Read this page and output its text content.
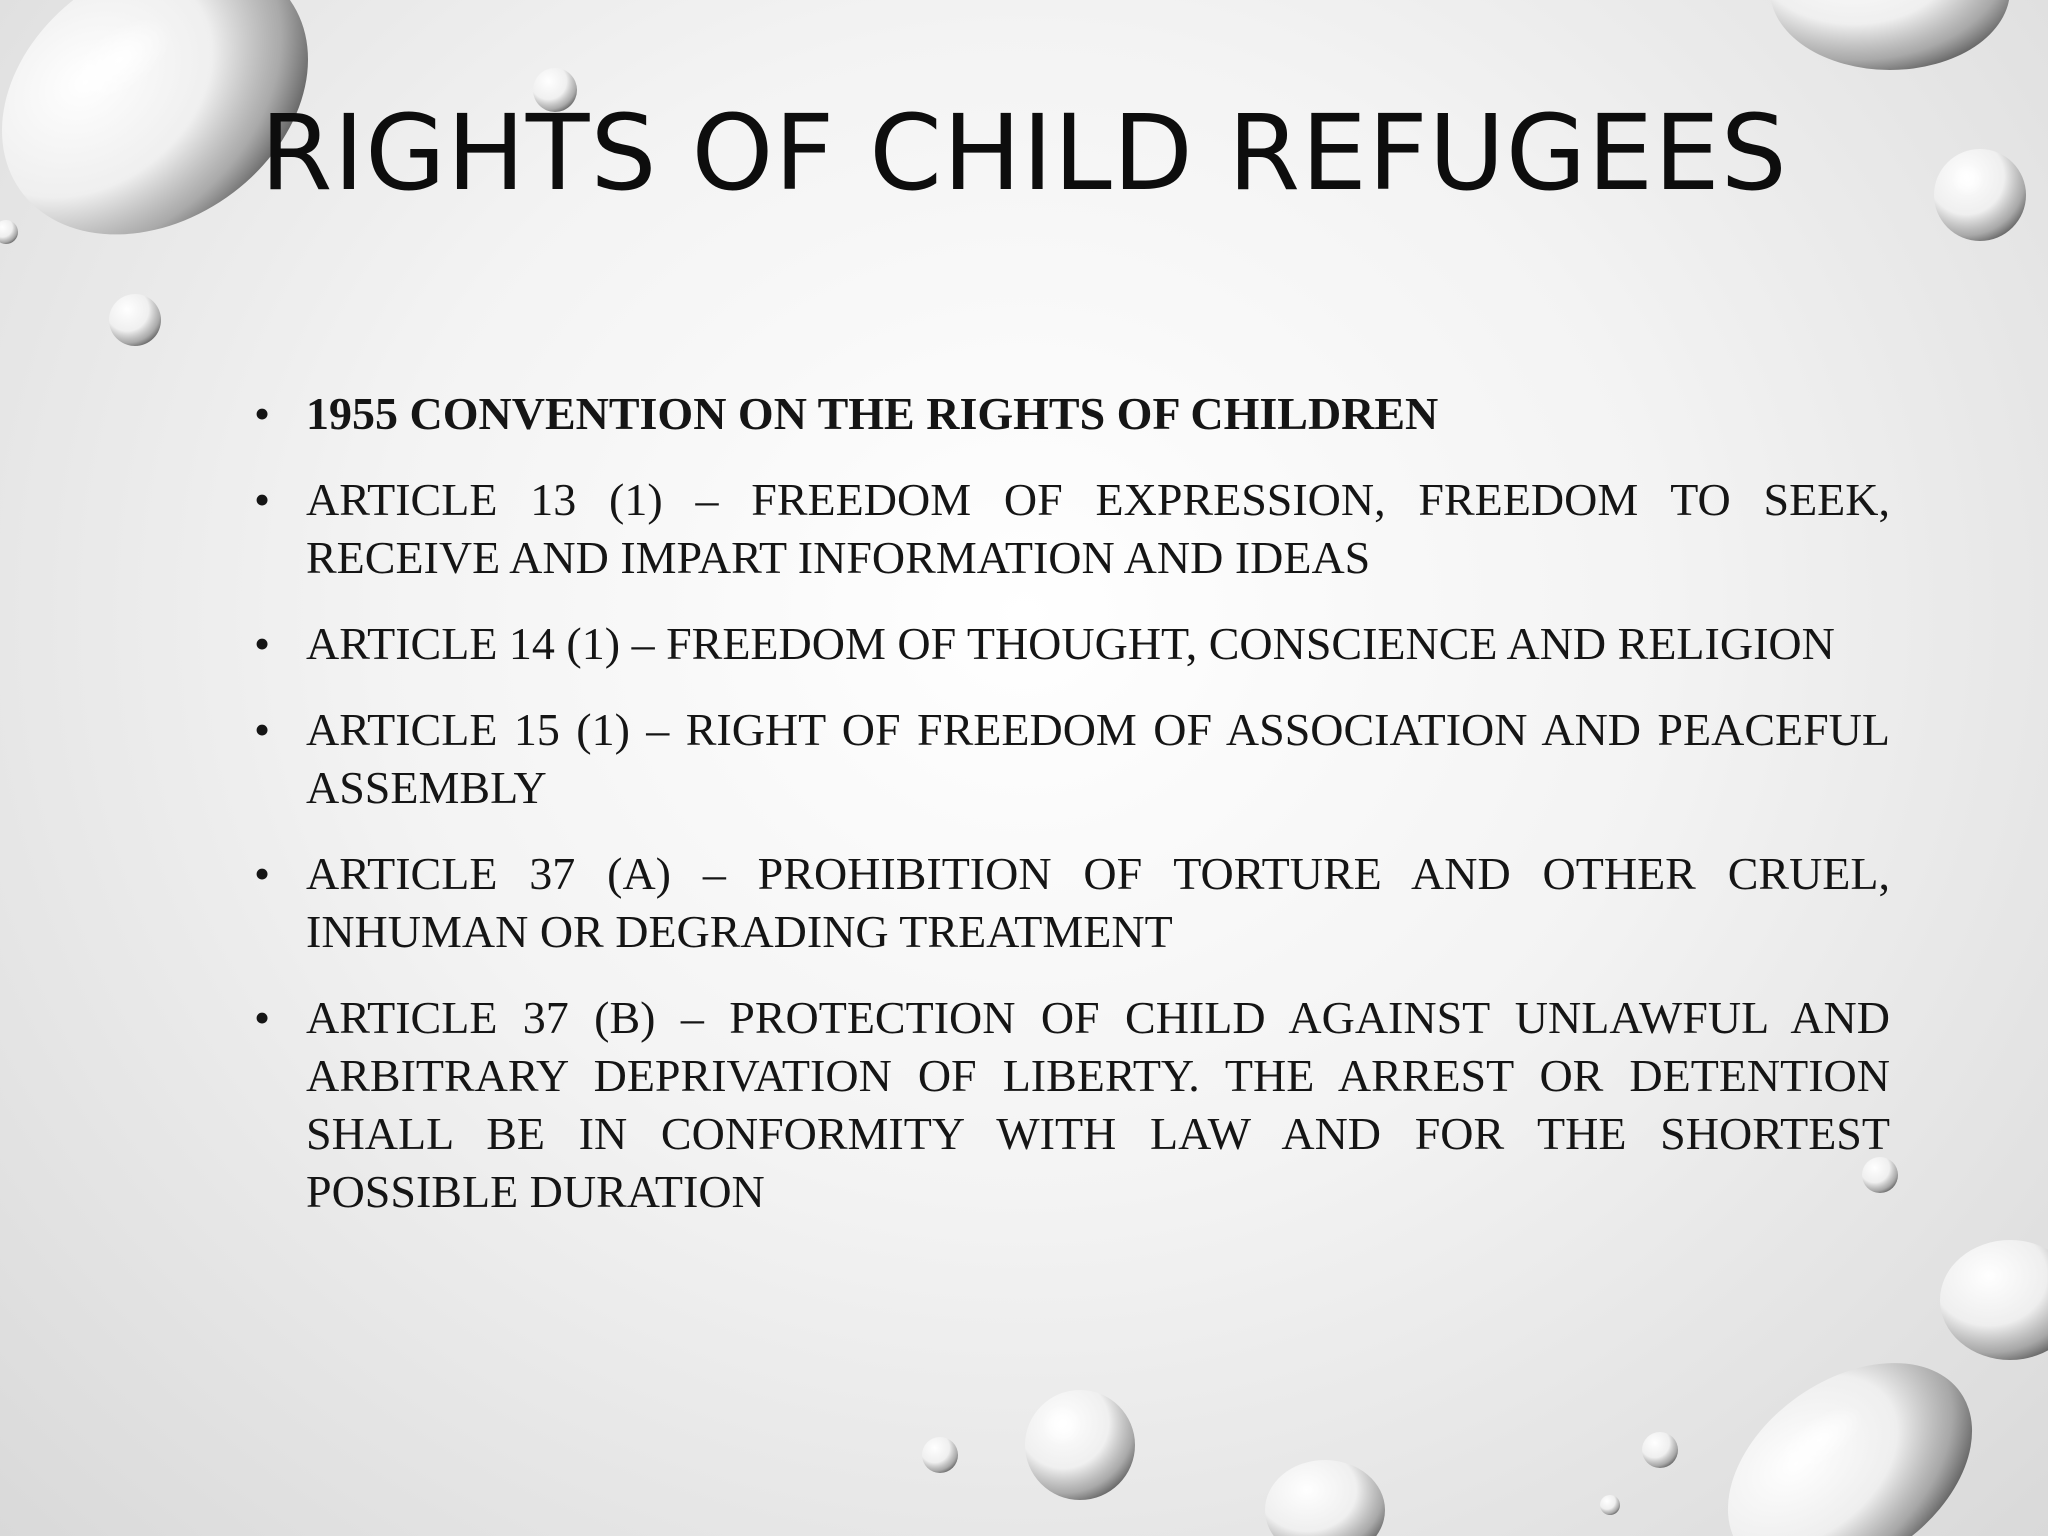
RIGHTS OF CHILD REFUGEES
• 1955 CONVENTION ON THE RIGHTS OF CHILDREN
• ARTICLE 13 (1) – FREEDOM OF EXPRESSION, FREEDOM TO SEEK, RECEIVE AND IMPART INFORMATION AND IDEAS
• ARTICLE 14 (1) – FREEDOM OF THOUGHT, CONSCIENCE AND RELIGION
• ARTICLE 15 (1) – RIGHT OF FREEDOM OF ASSOCIATION AND PEACEFUL ASSEMBLY
• ARTICLE 37 (A) – PROHIBITION OF TORTURE AND OTHER CRUEL, INHUMAN OR DEGRADING TREATMENT
• ARTICLE 37 (B) – PROTECTION OF CHILD AGAINST UNLAWFUL AND ARBITRARY DEPRIVATION OF LIBERTY. THE ARREST OR DETENTION SHALL BE IN CONFORMITY WITH LAW AND FOR THE SHORTEST POSSIBLE DURATION
